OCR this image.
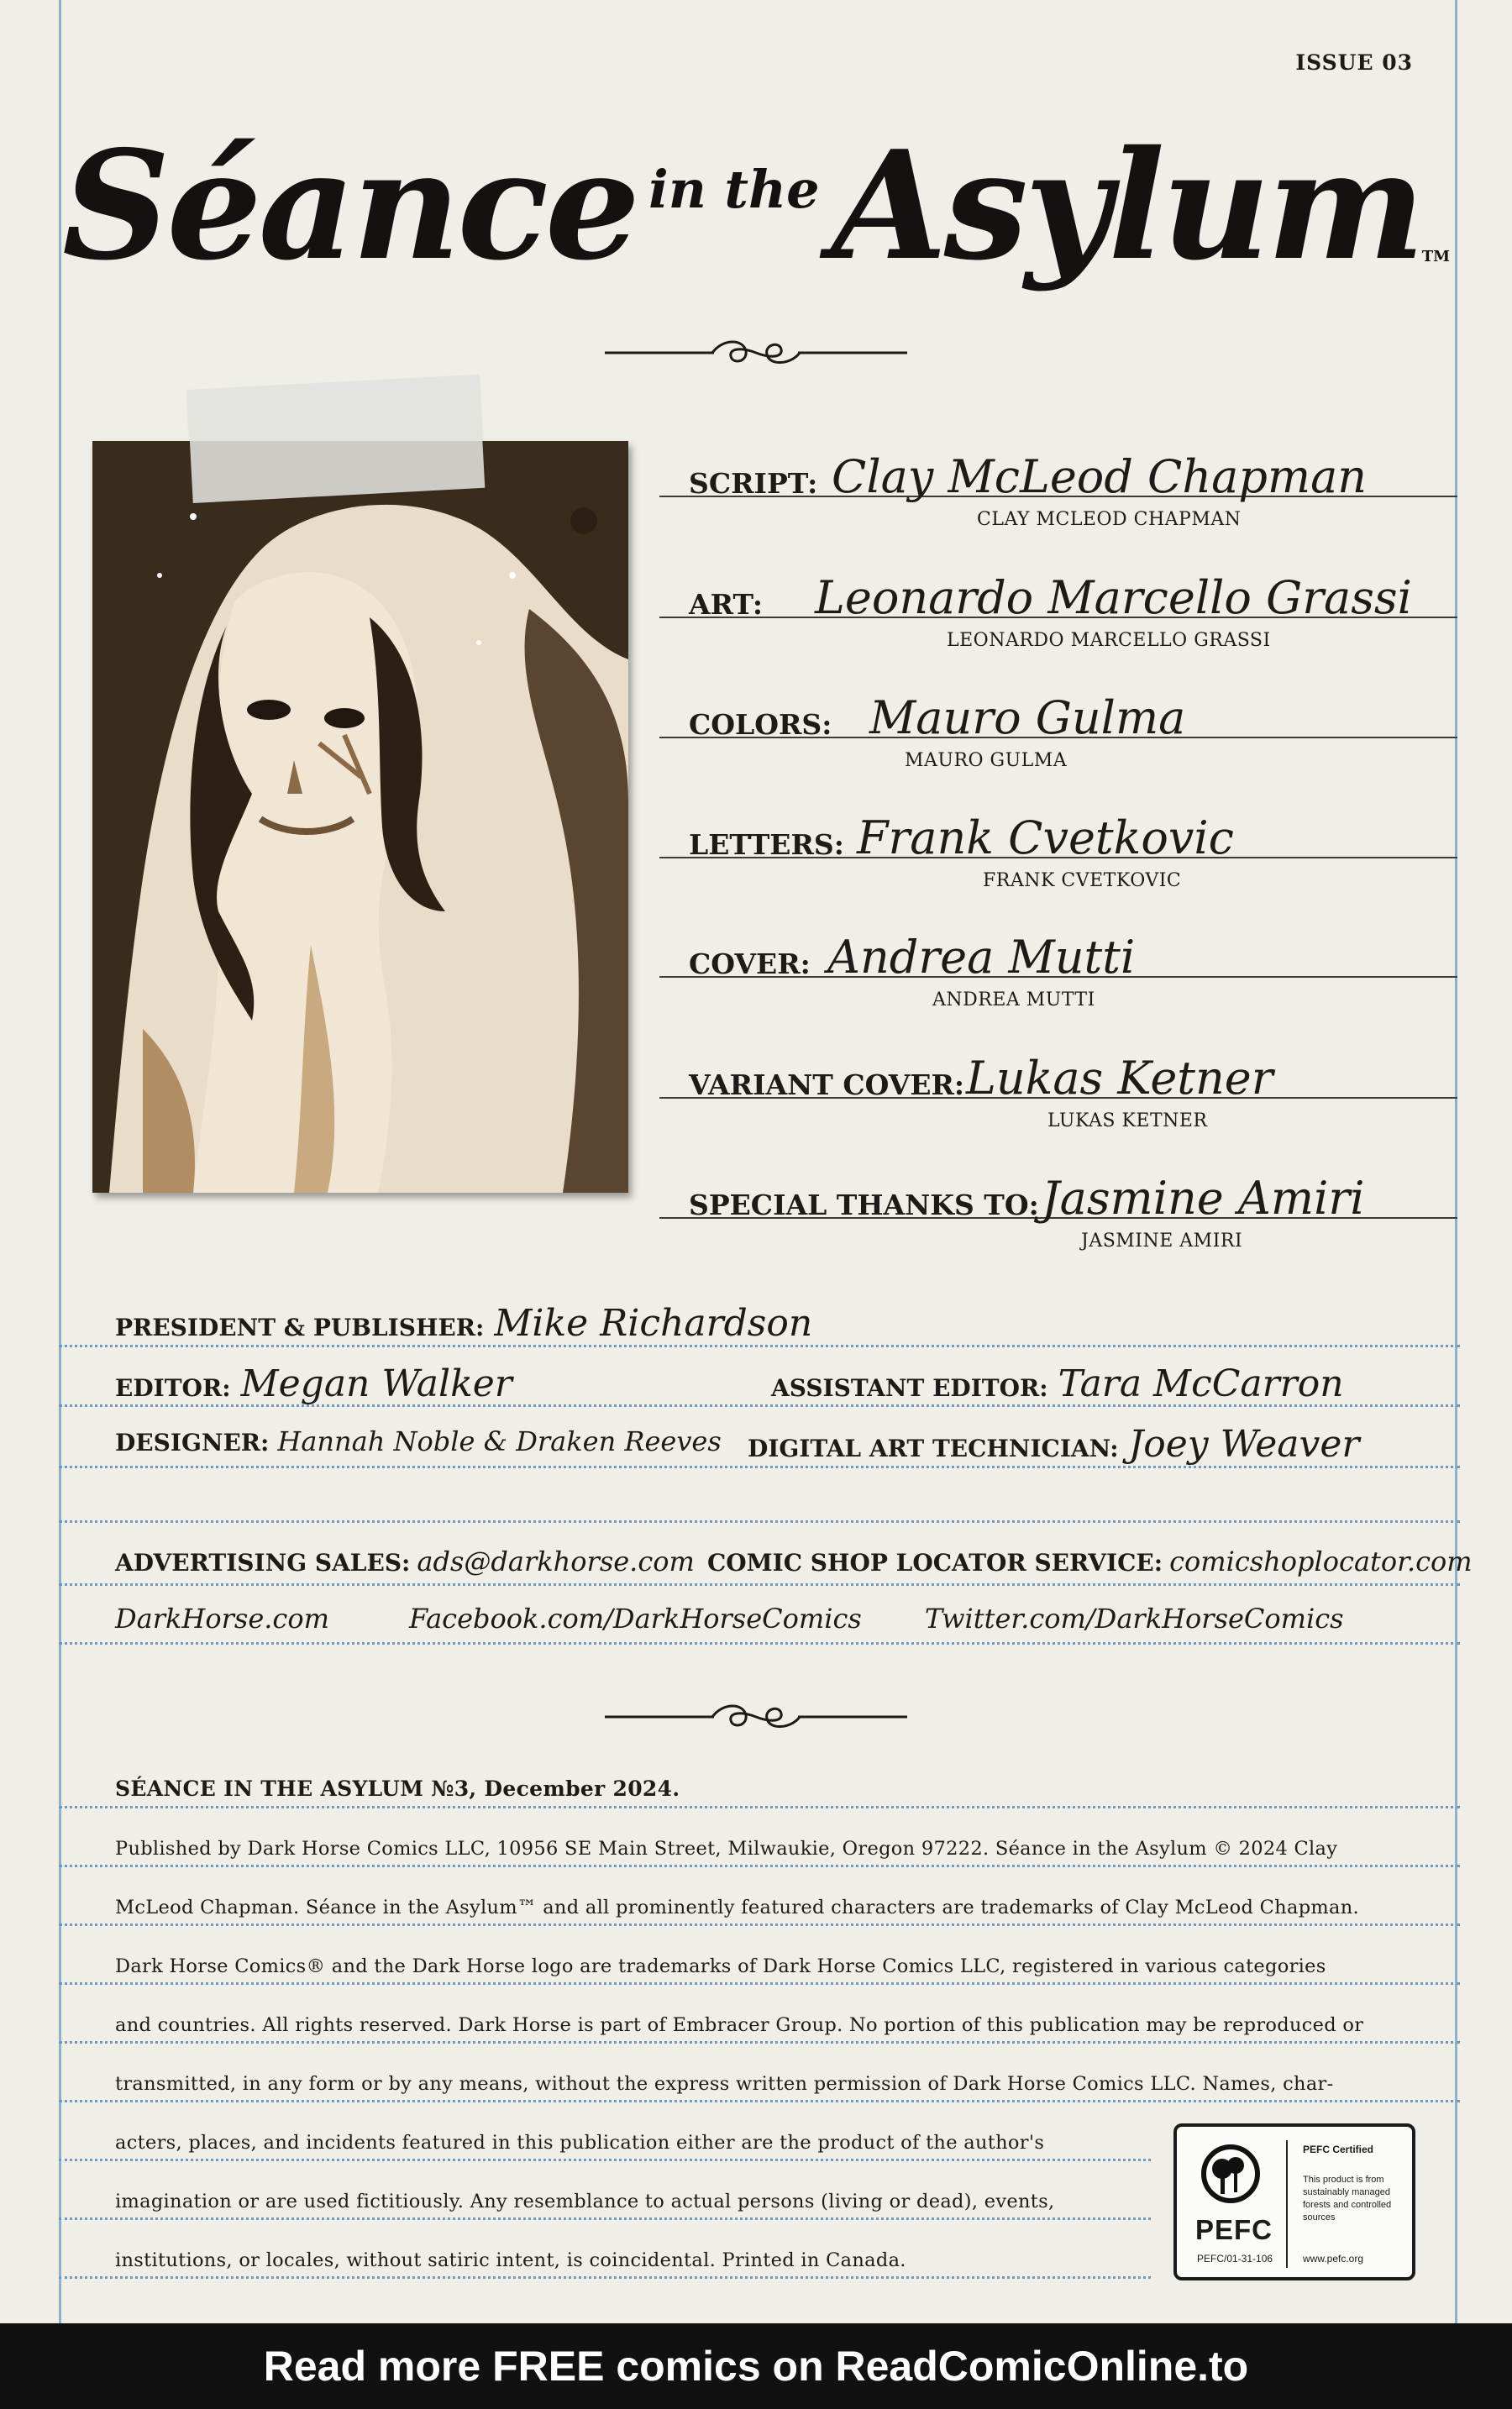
ISSUE 03
Séance in theAsylumTM
SCRIPT: Clay McLeod Chapman
CLAY MCLEOD CHAPMAN
ART: Leonardo Marcello Grassi
LEONARDO MARCELLO GRASSI
COLORS: Mauro Gulma
MAURO GULMA
LETTERS: Frank Cvetkovic
FRANK CVETKOVIC
COVER: Andrea Mutti
ANDREA MUTTI
VARIANT COVER: Lukas Ketner
LUKAS KETNER
SPECIAL THANKS TO: Jasmine Amiri
JASMINE AMIRI
PRESIDENT & PUBLISHER: Mike Richardson
EDITOR: Megan Walker	ASSISTANT EDITOR: Tara McCarron
DESIGNER: Hannah Noble & Draken Reeves DIGITAL ART TECHNICIAN: Joey Weaver
ADVERTISING SALES: ads@darkhorse.com COMIC SHOP LOCATOR SERVICE: comicshoplocator.com
DarkHorse.com	Facebook.com/DarkHorseComics Twitter.com/DarkHorseComics
SÉANCE IN THE ASYLUM №3, December 2024.
Published by Dark Horse Comics LLC, 10956 SE Main Street, Milwaukie, Oregon 97222. Séance in the Asylum © 2024 Clay
McLeod Chapman. Séance in the Asylum™ and all prominently featured characters are trademarks of Clay McLeod Chapman.
Dark Horse Comics® and the Dark Horse logo are trademarks of Dark Horse Comics LLC, registered in various categories
and countries. All rights reserved. Dark Horse is part of Embracer Group. No portion of this publication may be reproduced or
transmitted, in any form or by any means, without the express written permission of Dark Horse Comics LLC. Names, char-
acters, places, and incidents featured in this publication either are the product of the author's
imagination or are used fictitiously. Any resemblance to actual persons (living or dead), events,
institutions, or locales, without satiric intent, is coincidental. Printed in Canada.
PEFC
PEFC/01-31-106
PEFC Certified
This product is from sustainably managed forests and controlled sources
www.pefc.org
Read more FREE comics on ReadComicOnline.to
